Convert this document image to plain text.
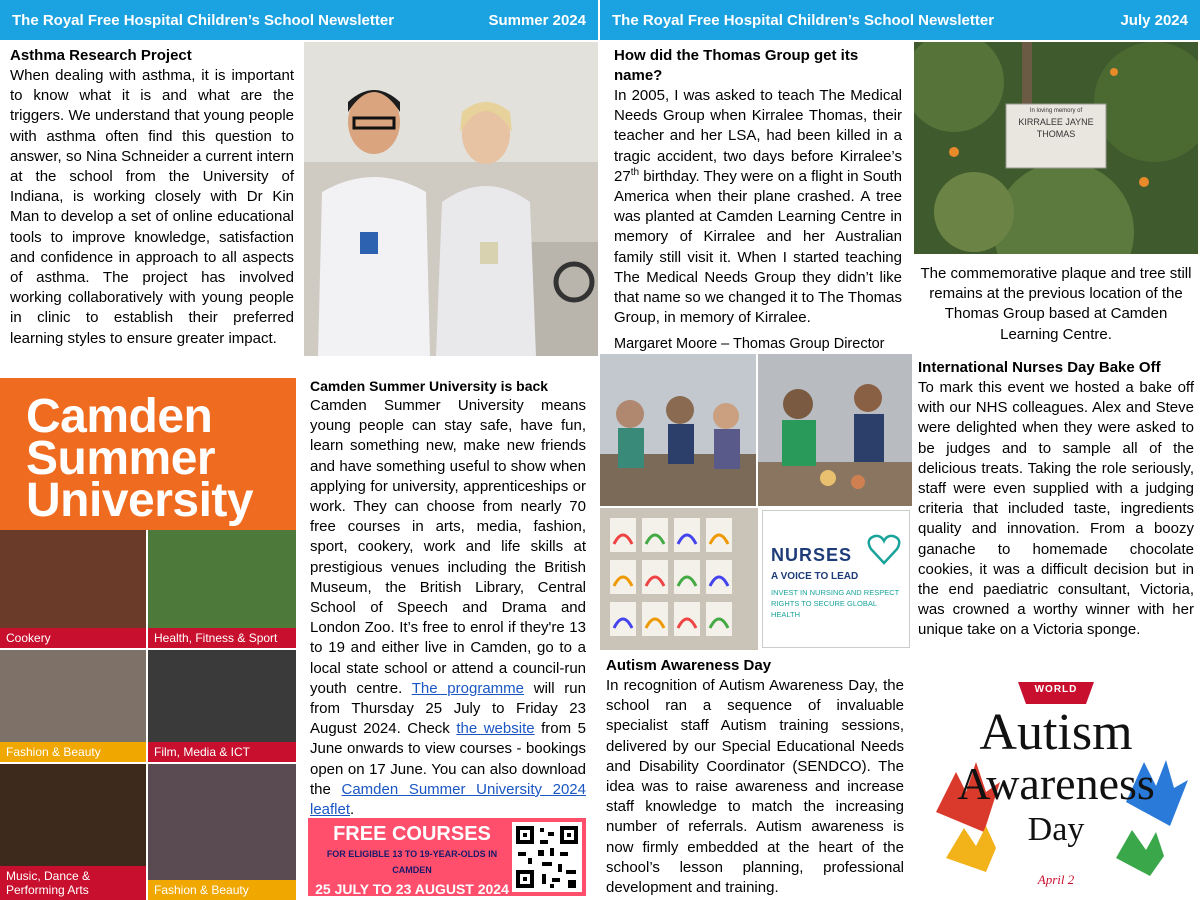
The Royal Free Hospital Children’s School Newsletter	Summer 2024 The Royal Free Hospital Children’s School Newsletter	July 2024
Asthma Research Project

When dealing with asthma, it is important to know what it is and what are the triggers. We understand that young people with asthma often find this question to answer, so Nina Schneider a current intern at the school from the University of Indiana, is working closely with Dr Kin Man to develop a set of online educational tools to improve knowledge, satisfaction and confidence in approach to all aspects of asthma. The project has involved working collaboratively with young people in clinic to establish their preferred learning styles to ensure greater impact.

Camden
Summer
University
Cookery	Health, Fitness & Sport
Fashion & Beauty	Film, Media & ICT
Music, Dance & Performing Arts	Fashion & Beauty
Camden Summer University is back

Camden Summer University means young people can stay safe, have fun, learn something new, make new friends and have something useful to show when applying for university, apprenticeships or work. They can choose from nearly 70 free courses in arts, media, fashion, sport, cookery, work and life skills at prestigious venues including the British Museum, the British Library, Central School of Speech and Drama and London Zoo. It’s free to enrol if they're 13 to 19 and either live in Camden, go to a local state school or attend a council-run youth centre. The programme will run from Thursday 25 July to Friday 23 August 2024. Check the website from 5 June onwards to view courses - bookings open on 17 June. You can also download the Camden Summer University 2024 leaflet.

FREE COURSES
FOR ELIGIBLE 13 TO 19-YEAR-OLDS IN CAMDEN
25 JULY TO 23 AUGUST 2024
How did the Thomas Group get its name?

In 2005, I was asked to teach The Medical Needs Group when Kirralee Thomas, their teacher and her LSA, had been killed in a tragic accident, two days before Kirralee’s 27th birthday. They were on a flight in South America when their plane crashed. A tree was planted at Camden Learning Centre in memory of Kirralee and her Australian family still visit it. When I started teaching The Medical Needs Group they didn’t like that name so we changed it to The Thomas Group, in memory of Kirralee.

Margaret Moore – Thomas Group Director
In loving memory of
KIRRALEE JAYNE
THOMAS
The commemorative plaque and tree still remains at the previous location of the Thomas Group based at Camden Learning Centre.
NURSES
A VOICE TO LEAD
INVEST IN NURSING AND RESPECT RIGHTS TO SECURE GLOBAL HEALTH
International Nurses Day Bake Off

To mark this event we hosted a bake off with our NHS colleagues. Alex and Steve were delighted when they were asked to be judges and to sample all of the delicious treats. Taking the role seriously, staff were even supplied with a judging criteria that included taste, ingredients quality and innovation. From a boozy ganache to homemade chocolate cookies, it was a difficult decision but in the end paediatric consultant, Victoria, was crowned a worthy winner with her unique take on a Victoria sponge.

Autism Awareness Day

In recognition of Autism Awareness Day, the school ran a sequence of invaluable specialist staff Autism training sessions, delivered by our Special Educational Needs and Disability Coordinator (SENDCO). The idea was to raise awareness and increase staff knowledge to match the increasing number of referrals. Autism awareness is now firmly embedded at the heart of the school’s lesson planning, professional development and training.

WORLD
Autism
Awareness
Day
April 2
